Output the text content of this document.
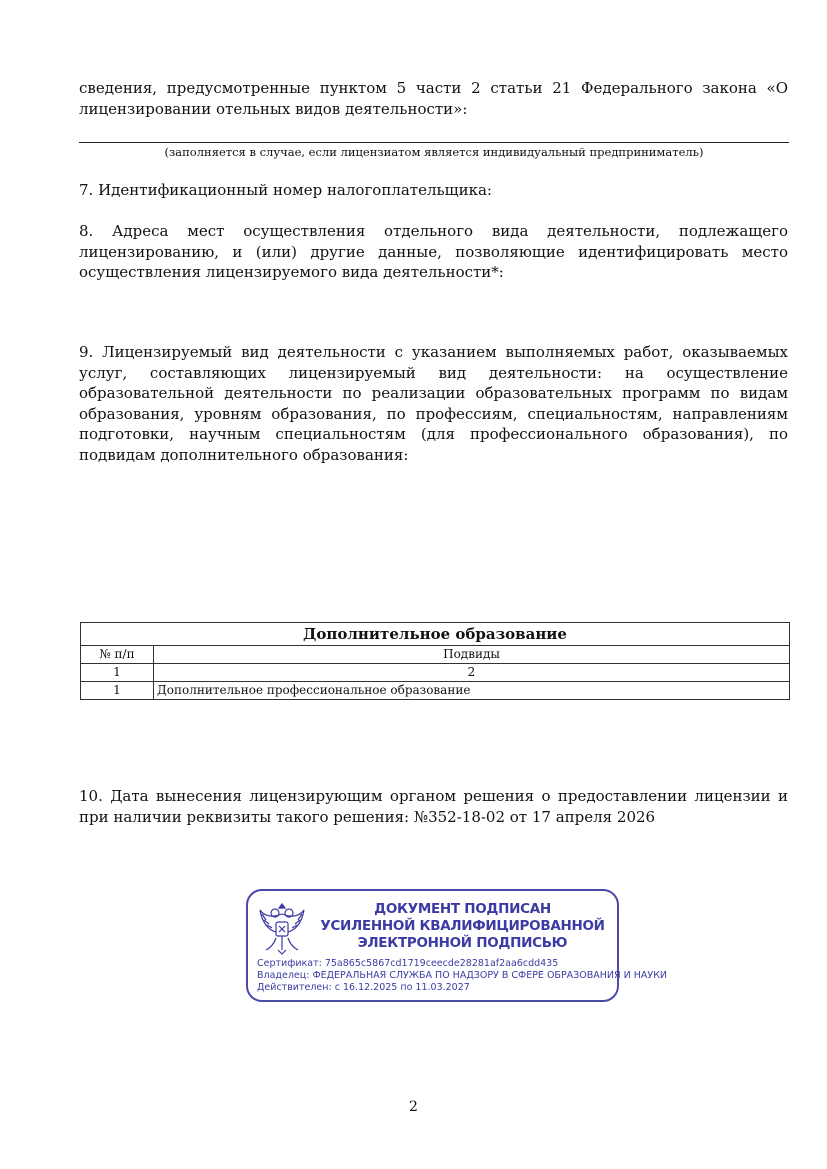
сведения, предусмотренные пунктом 5 части 2 статьи 21 Федерального закона «О

лицензировании отельных видов деятельности»:

(заполняется в случае, если лицензиатом является индивидуальный предприниматель)

7. Идентификационный номер налогоплательщика:

8. Адреса мест осуществления отдельного вида деятельности, подлежащего лицензированию, и (или) другие данные, позволяющие идентифицировать место осуществления лицензируемого вида деятельности*:

9. Лицензируемый вид деятельности с указанием выполняемых работ, оказываемых услуг, составляющих лицензируемый вид деятельности: на осуществление образовательной деятельности по реализации образовательных программ по видам образования, уровням образования, по профессиям, специальностям, направлениям подготовки, научным специальностям (для профессионального образования), по подвидам дополнительного образования:

Дополнительное образование	
№ п/п	Подвиды
1	2
1	Дополнительное профессиональное образование

10. Дата вынесения лицензирующим органом решения о предоставлении лицензии и при наличии реквизиты такого решения: №352-18-02 от 17 апреля 2026

ДОКУМЕНТ ПОДПИСАН
УСИЛЕННОЙ КВАЛИФИЦИРОВАННОЙ
ЭЛЕКТРОННОЙ ПОДПИСЬЮ
Сертификат: 75a865c5867cd1719ceecde28281af2aa6cdd435
Владелец: ФЕДЕРАЛЬНАЯ СЛУЖБА ПО НАДЗОРУ В СФЕРЕ ОБРАЗОВАНИЯ И НАУКИ
Действителен: с 16.12.2025 по 11.03.2027
2
